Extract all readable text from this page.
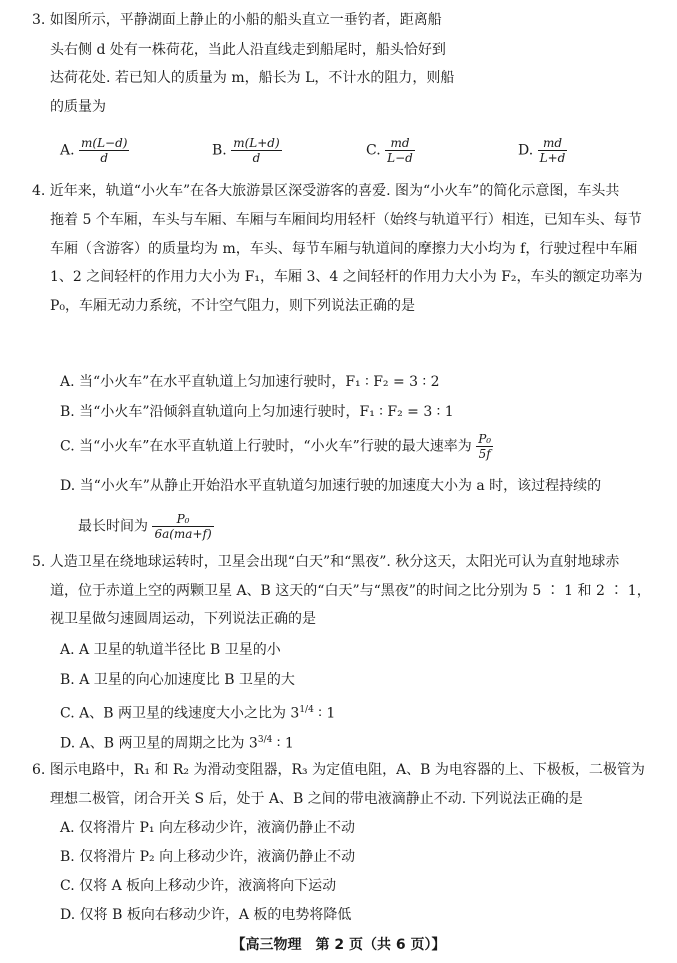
3. 如图所示，平静湖面上静止的小船的船头直立一垂钓者，距离船
头右侧 d 处有一株荷花，当此人沿直线走到船尾时，船头恰好到
达荷花处. 若已知人的质量为 m，船长为 L，不计水的阻力，则船
的质量为
A. $\frac{m(L-d)}{d}$	B. $\frac{m(L+d)}{d}$	C. $\frac{md}{L-d}$	D. $\frac{md}{L+d}$
4. 近年来，轨道“小火车”在各大旅游景区深受游客的喜爱. 图为“小火车”的简化示意图，车头共
拖着 5 个车厢，车头与车厢、车厢与车厢间均用轻杆（始终与轨道平行）相连，已知车头、每节
车厢（含游客）的质量均为 m，车头、每节车厢与轨道间的摩擦力大小均为 f，行驶过程中车厢
1、2 之间轻杆的作用力大小为 F₁，车厢 3、4 之间轻杆的作用力大小为 F₂，车头的额定功率为
P₀，车厢无动力系统，不计空气阻力，则下列说法正确的是
A. 当“小火车”在水平直轨道上匀加速行驶时，F₁ ∶ F₂ = 3 ∶ 2
B. 当“小火车”沿倾斜直轨道向上匀加速行驶时，F₁ ∶ F₂ = 3 ∶ 1
C. 当“小火车”在水平直轨道上行驶时，“小火车”行驶的最大速率为 $\frac{\text{P₀}}{5f}$
D. 当“小火车”从静止开始沿水平直轨道匀加速行驶的加速度大小为 a 时，该过程持续的
最长时间为 $\frac{\text{P₀}}{6a(ma+f)}$
5. 人造卫星在绕地球运转时，卫星会出现“白天”和“黑夜”. 秋分这天，太阳光可认为直射地球赤
道，位于赤道上空的两颗卫星 A、B 这天的“白天”与“黑夜”的时间之比分别为 5 ∶ 1 和 2 ∶ 1，
视卫星做匀速圆周运动，下列说法正确的是
A. A 卫星的轨道半径比 B 卫星的小
B. A 卫星的向心加速度比 B 卫星的大
C. A、B 两卫星的线速度大小之比为 $3^{1/4}$ ∶ 1
D. A、B 两卫星的周期之比为 $3^{3/4}$ ∶ 1
6. 图示电路中，R₁ 和 R₂ 为滑动变阻器，R₃ 为定值电阻，A、B 为电容器的上、下极板，二极管为
理想二极管，闭合开关 S 后，处于 A、B 之间的带电液滴静止不动. 下列说法正确的是
A. 仅将滑片 P₁ 向左移动少许，液滴仍静止不动
B. 仅将滑片 P₂ 向上移动少许，液滴仍静止不动
C. 仅将 A 板向上移动少许，液滴将向下运动
D. 仅将 B 板向右移动少许，A 板的电势将降低
【高三物理　第 2 页（共 6 页）】
